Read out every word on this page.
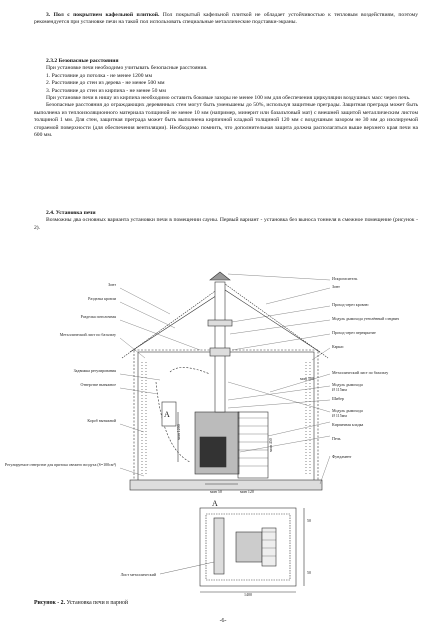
3. Пол с покрытием кафельной плиткой. Пол покрытый кафельной плиткой не обладает устойчивостью к тепловым воздействиям, поэтому рекомендуется при установке печи на такой пол использовать специальные металлические подставки-экраны.

2.3.2 Безопасные расстояния

При установке печи необходимо учитывать безопасные расстояния.

1. Расстояние до потолка - не менее 1200 мм

2. Расстояние до стен из дерева - не менее 500 мм

3. Расстояние до стен из кирпича - не менее 50 мм

При установке печи в нишу из кирпича необходимо оставить боковые зазоры не менее 100 мм для обеспечения циркуляции воздушных масс через печь.

Безопасные расстояния до ограждающих деревянных стен могут быть уменьшены до 50%, используя защитные преграды. Защитная преграда может быть выполнена из теплоизоляционного материала толщиной не менее 10 мм (например, минерит или базальтовый мат) с внешней защитой металлическим листом толщиной 1 мм. Для стен, защитная преграда может быть выполнена кирпичной кладкой толщиной 120 мм с воздушным зазором не 30 мм до изолируемой сгораемой поверхности (для обеспечения вентиляции). Необходимо помнить, что дополнительная защита должна располагаться выше верхнего края печи на 600 мм.

2.4. Установка печи

Возможны два основных варианта установки печи в помещении сауны. Первый вариант - установка без выноса тоннеля в смежное помещение (рисунок - 2).

A
Зонт
Разделка кровли
Разделка потолочная
Металлический лист по базальту
Задвижка регулирования
Отверстие вытяжное
Короб вытяжной
Регулируемое отверстие для притока свежего воздуха (S=100см²)
Искрогаситель
Зонт
Проход через кровлю
Модуль дымохода утеплённый сэндвич
Проход через перекрытие
Каркас
Металлический лист по базальту
Модуль дымохода
Ø 115мм
Шибер
Модуль дымохода
Ø 115мм
Кирпичная кладка
Печь
Фундамент
мин 1200
мин 50	мин 120
мин 450
мин 500
A
1400
50
50
Лист металлический
Рисунок - 2. Установка печи в парной
-6-
